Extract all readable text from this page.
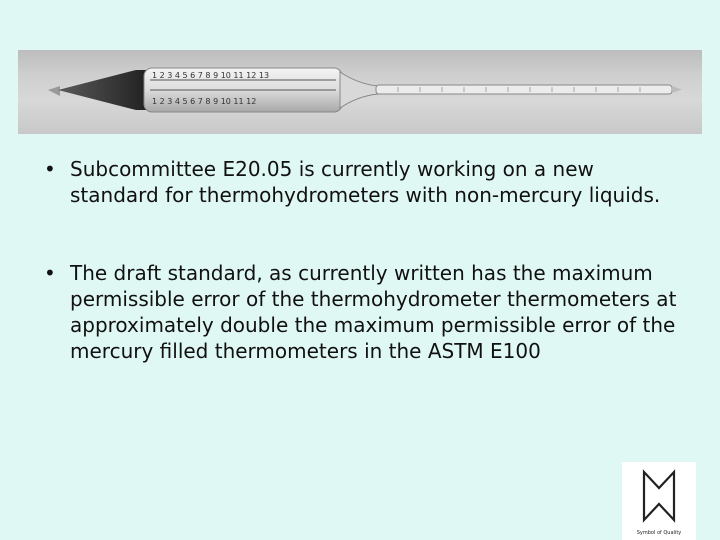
1 2 3 4 5 6 7 8 9 10 11 12 13
1 2 3 4 5 6 7 8 9 10 11 12
• Subcommittee E20.05 is currently working on a new standard for thermohydrometers with non-mercury liquids.
• The draft standard, as currently written has the maximum permissible error of the thermohydrometer thermometers at approximately double the maximum permissible error of the mercury filled thermometers in the ASTM E100
Symbol of Quality
